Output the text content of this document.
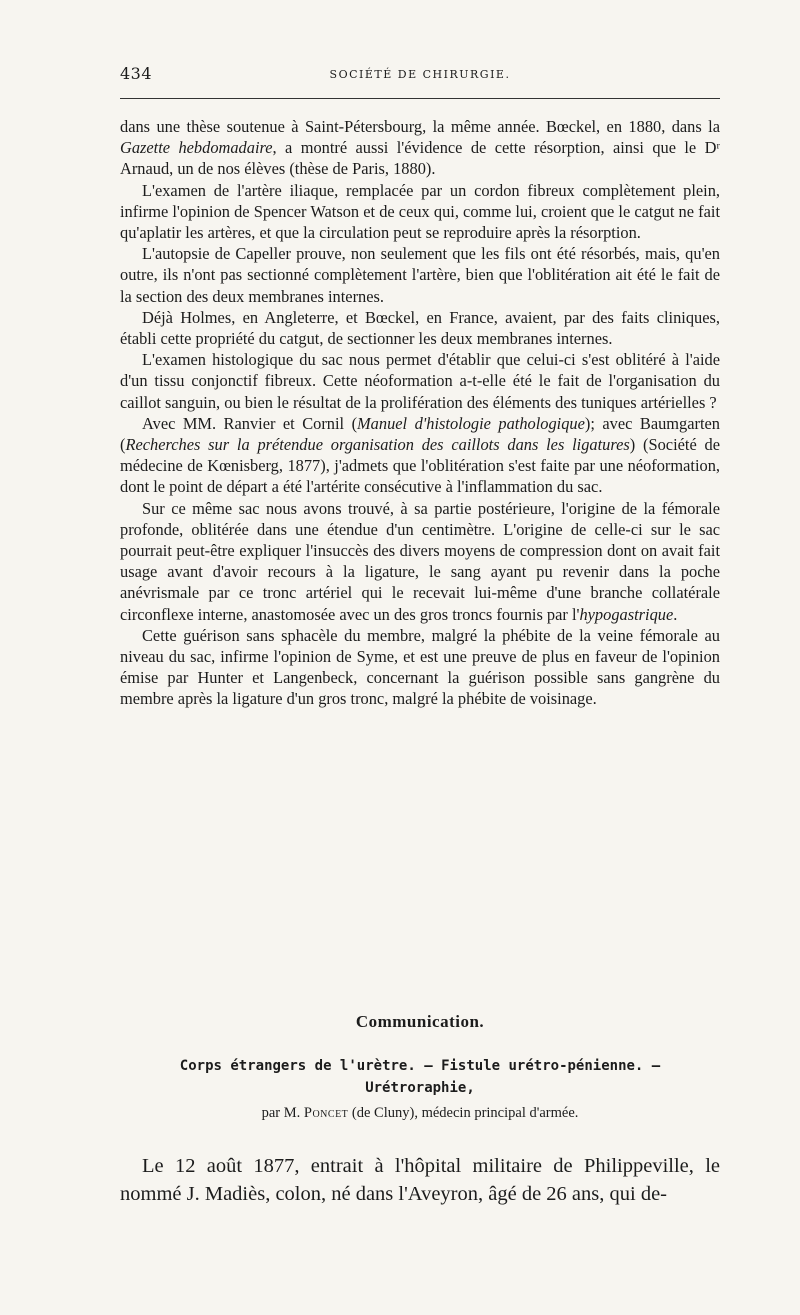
434	SOCIÉTÉ DE CHIRURGIE.

dans une thèse soutenue à Saint-Pétersbourg, la même année. Bœckel, en 1880, dans la Gazette hebdomadaire, a montré aussi l'évidence de cette résorption, ainsi que le Dʳ Arnaud, un de nos élèves (thèse de Paris, 1880).

L'examen de l'artère iliaque, remplacée par un cordon fibreux complètement plein, infirme l'opinion de Spencer Watson et de ceux qui, comme lui, croient que le catgut ne fait qu'aplatir les artères, et que la circulation peut se reproduire après la résorption.

L'autopsie de Capeller prouve, non seulement que les fils ont été résorbés, mais, qu'en outre, ils n'ont pas sectionné complètement l'artère, bien que l'oblitération ait été le fait de la section des deux membranes internes.

Déjà Holmes, en Angleterre, et Bœckel, en France, avaient, par des faits cliniques, établi cette propriété du catgut, de sectionner les deux membranes internes.

L'examen histologique du sac nous permet d'établir que celui-ci s'est oblitéré à l'aide d'un tissu conjonctif fibreux. Cette néoformation a-t-elle été le fait de l'organisation du caillot sanguin, ou bien le résultat de la prolifération des éléments des tuniques artérielles ?

Avec MM. Ranvier et Cornil (Manuel d'histologie pathologique); avec Baumgarten (Recherches sur la prétendue organisation des caillots dans les ligatures) (Société de médecine de Kœnisberg, 1877), j'admets que l'oblitération s'est faite par une néoformation, dont le point de départ a été l'artérite consécutive à l'inflammation du sac.

Sur ce même sac nous avons trouvé, à sa partie postérieure, l'origine de la fémorale profonde, oblitérée dans une étendue d'un centimètre. L'origine de celle-ci sur le sac pourrait peut-être expliquer l'insuccès des divers moyens de compression dont on avait fait usage avant d'avoir recours à la ligature, le sang ayant pu revenir dans la poche anévrismale par ce tronc artériel qui le recevait lui-même d'une branche collatérale circonflexe interne, anastomosée avec un des gros troncs fournis par l'hypogastrique.

Cette guérison sans sphacèle du membre, malgré la phébite de la veine fémorale au niveau du sac, infirme l'opinion de Syme, et est une preuve de plus en faveur de l'opinion émise par Hunter et Langenbeck, concernant la guérison possible sans gangrène du membre après la ligature d'un gros tronc, malgré la phébite de voisinage.

Communication.
Corps étrangers de l'urètre. — Fistule urétro-pénienne. —
Urétroraphie,
par M. Poncet (de Cluny), médecin principal d'armée.

Le 12 août 1877, entrait à l'hôpital militaire de Philippeville, le nommé J. Madiès, colon, né dans l'Aveyron, âgé de 26 ans, qui de-
